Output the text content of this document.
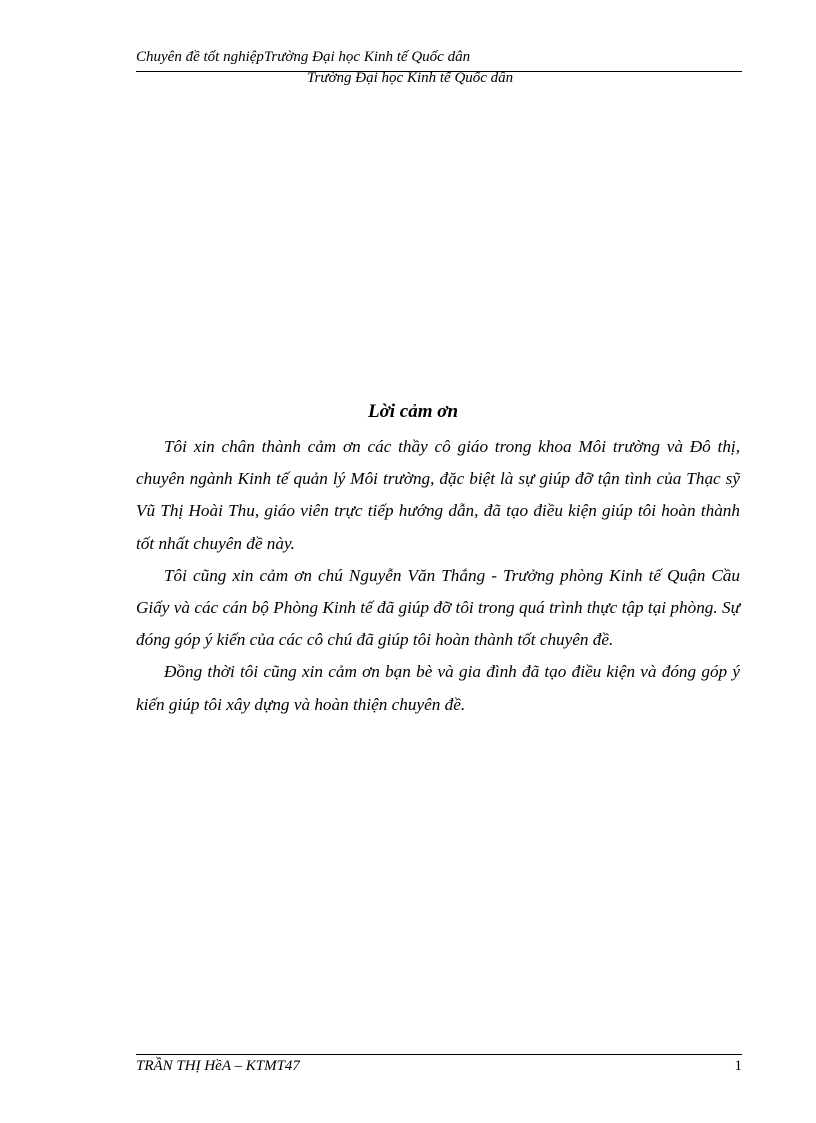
Chuyên đề tốt nghiệpTrường Đại học Kinh tế Quốc dân
Trường Đại học Kinh tế Quốc dân
Lời cảm ơn

Tôi xin chân thành cảm ơn các thầy cô giáo trong khoa Môi trường và Đô thị, chuyên ngành Kinh tế quản lý Môi trường, đặc biệt là sự giúp đỡ tận tình của Thạc sỹ Vũ Thị Hoài Thu, giáo viên trực tiếp hướng dẫn, đã tạo điều kiện giúp tôi hoàn thành tốt nhất chuyên đề này.

Tôi cũng xin cảm ơn chú Nguyễn Văn Thắng - Trưởng phòng Kinh tế Quận Cầu Giấy và các cán bộ Phòng Kinh tế đã giúp đỡ tôi trong quá trình thực tập tại phòng. Sự đóng góp ý kiến của các cô chú đã giúp tôi hoàn thành tốt chuyên đề.

Đồng thời tôi cũng xin cảm ơn bạn bè và gia đình đã tạo điều kiện và đóng góp ý kiến giúp tôi xây dựng và hoàn thiện chuyên đề.

TRẦN THỊ HềA – KTMT47	1
